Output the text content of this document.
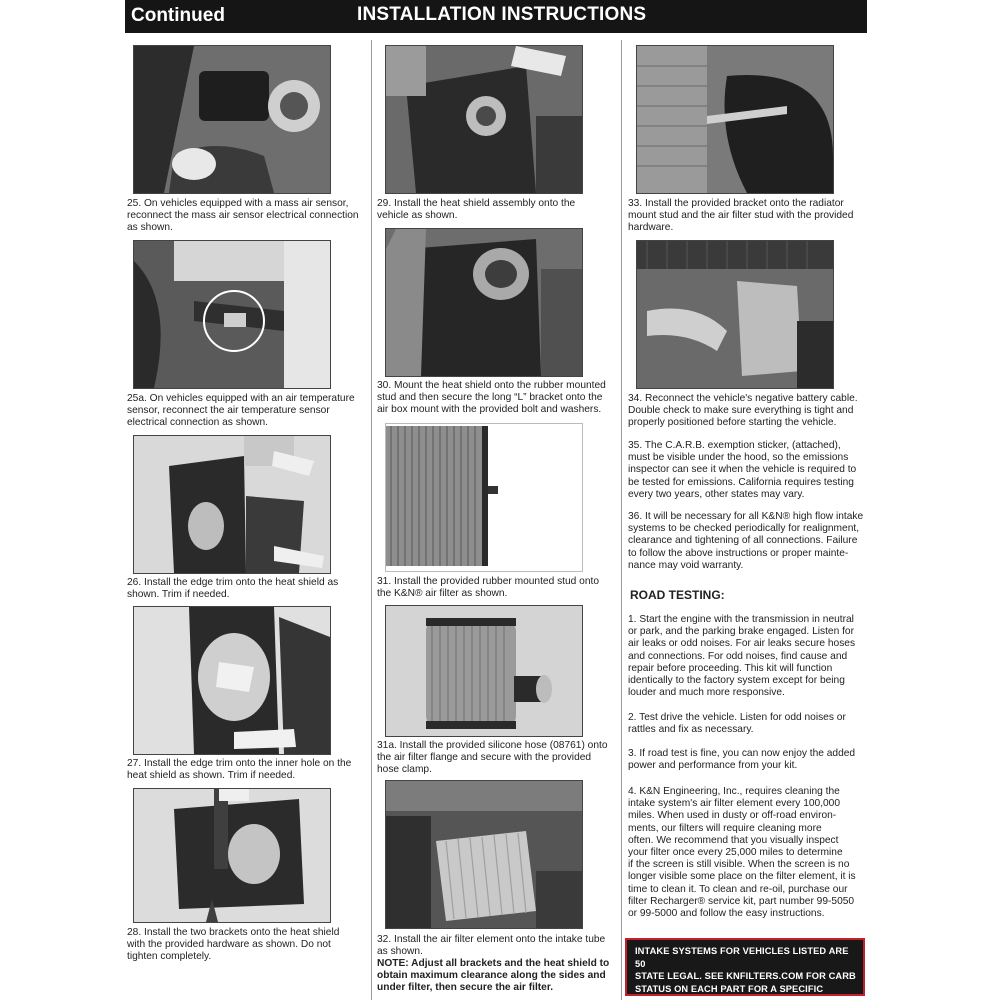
Continued	INSTALLATION INSTRUCTIONS
25. On vehicles equipped with a mass air sensor,
reconnect the mass air sensor electrical connection
as shown.
25a. On vehicles equipped with an air temperature
sensor, reconnect the air temperature sensor
electrical connection as shown.
26. Install the edge trim onto the heat shield as
shown. Trim if needed.
27. Install the edge trim onto the inner hole on the
heat shield as shown. Trim if needed.
28. Install the two brackets onto the heat shield
with the provided hardware as shown. Do not
tighten completely.
29. Install the heat shield assembly onto the
vehicle as shown.
30. Mount the heat shield onto the rubber mounted
stud and then secure the long “L” bracket onto the
air box mount with the provided bolt and washers.
31. Install the provided rubber mounted stud onto
the K&N® air filter as shown.
31a. Install the provided silicone hose (08761) onto
the air filter flange and secure with the provided
hose clamp.
32. Install the air filter element onto the intake tube
as shown.
NOTE: Adjust all brackets and the heat shield to
obtain maximum clearance along the sides and
under filter, then secure the air filter.
33. Install the provided bracket onto the radiator
mount stud and the air filter stud with the provided
hardware.
34. Reconnect the vehicle's negative battery cable.
Double check to make sure everything is tight and
properly positioned before starting the vehicle.
35. The C.A.R.B. exemption sticker, (attached),
must be visible under the hood, so the emissions
inspector can see it when the vehicle is required to
be tested for emissions. California requires testing
every two years, other states may vary.
36. It will be necessary for all K&N® high flow intake
systems to be checked periodically for realignment,
clearance and tightening of all connections. Failure
to follow the above instructions or proper mainte-
nance may void warranty.
ROAD TESTING:
1. Start the engine with the transmission in neutral
or park, and the parking brake engaged. Listen for
air leaks or odd noises. For air leaks secure hoses
and connections. For odd noises, find cause and
repair before proceeding. This kit will function
identically to the factory system except for being
louder and much more responsive.
2. Test drive the vehicle. Listen for odd noises or
rattles and fix as necessary.
3. If road test is fine, you can now enjoy the added
power and performance from your kit.
4. K&N Engineering, Inc., requires cleaning the
intake system's air filter element every 100,000
miles. When used in dusty or off-road environ-
ments, our filters will require cleaning more
often. We recommend that you visually inspect
your filter once every 25,000 miles to determine
if the screen is still visible. When the screen is no
longer visible some place on the filter element, it is
time to clean it. To clean and re-oil, purchase our
filter Recharger® service kit, part number 99-5050
or 99-5000 and follow the easy instructions.
INTAKE SYSTEMS FOR VEHICLES LISTED ARE 50
STATE LEGAL. SEE KNFILTERS.COM FOR CARB
STATUS ON EACH PART FOR A SPECIFIC VEHICLE.
